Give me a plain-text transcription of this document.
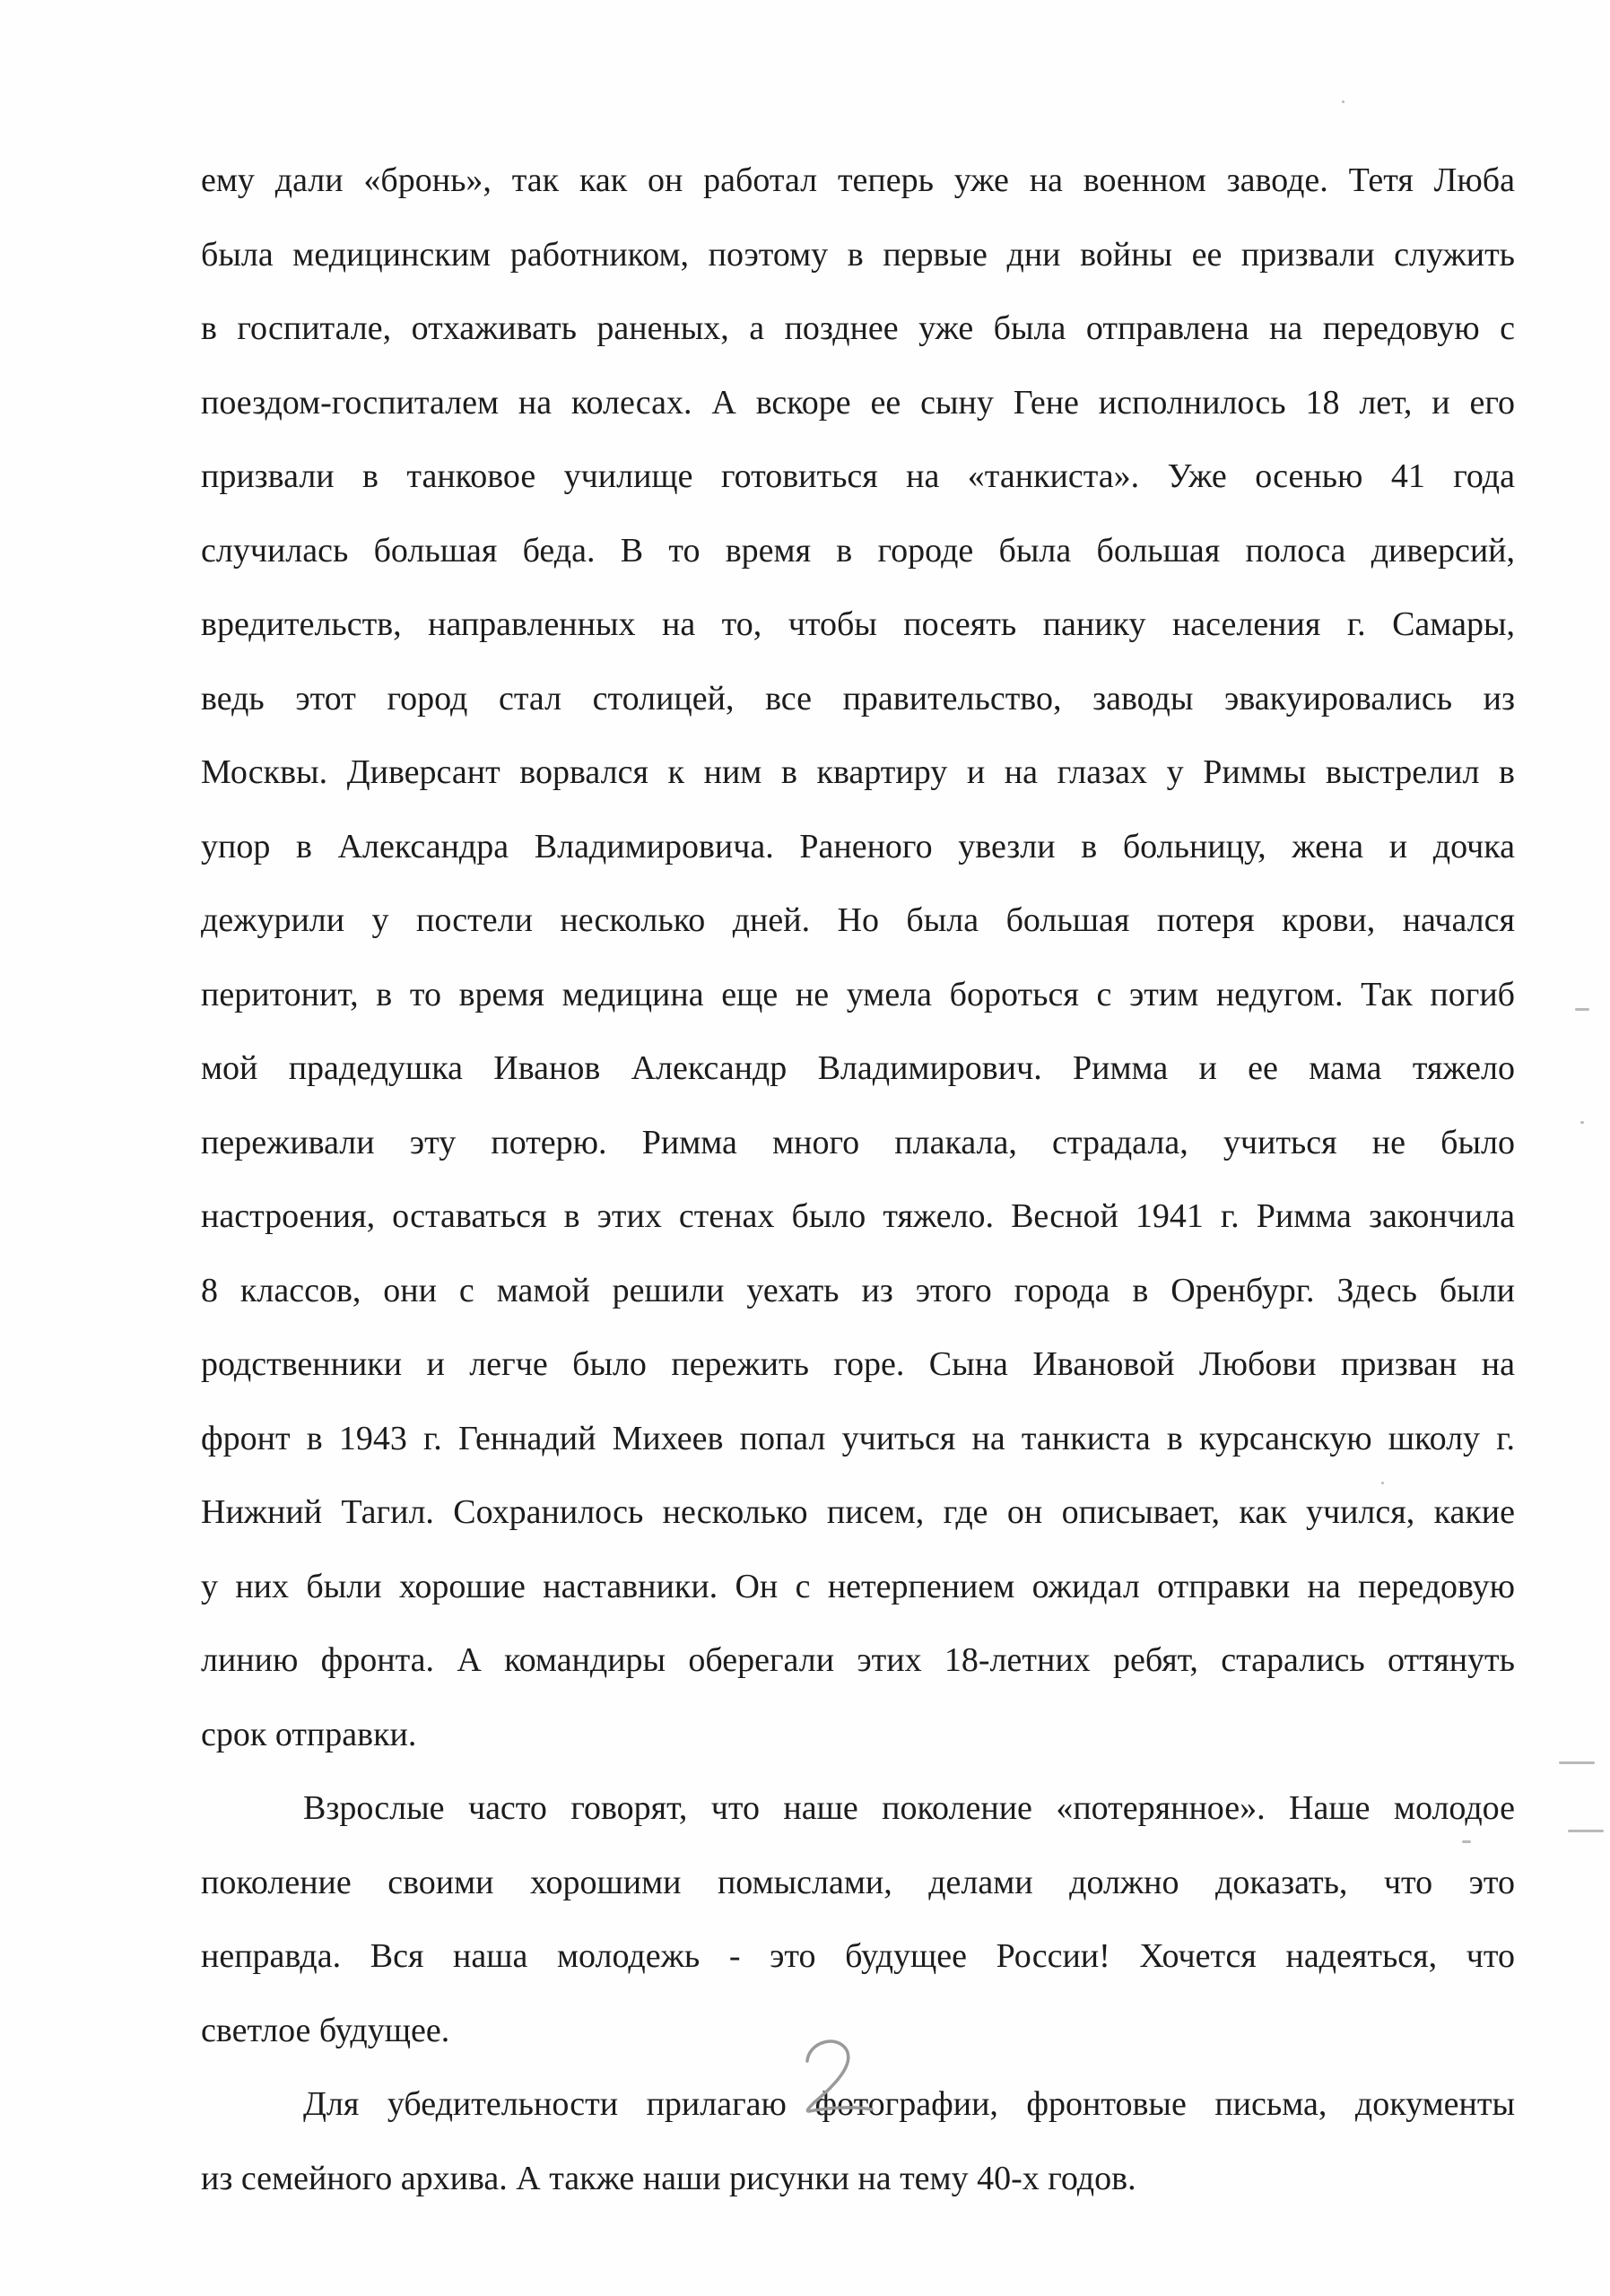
ему дали «бронь», так как он работал теперь уже на военном заводе. Тетя Люба
была медицинским работником, поэтому в первые дни войны ее призвали служить
в госпитале, отхаживать раненых, а позднее уже была отправлена на передовую с
поездом-госпиталем на колесах. А вскоре ее сыну Гене исполнилось 18 лет, и его
призвали в танковое училище готовиться на «танкиста». Уже осенью 41 года
случилась большая беда. В то время в городе была большая полоса диверсий,
вредительств, направленных на то, чтобы посеять панику населения г. Самары,
ведь этот город стал столицей, все правительство, заводы эвакуировались из
Москвы. Диверсант ворвался к ним в квартиру и на глазах у Риммы выстрелил в
упор в Александра Владимировича. Раненого увезли в больницу, жена и дочка
дежурили у постели несколько дней. Но была большая потеря крови, начался
перитонит, в то время медицина еще не умела бороться с этим недугом. Так погиб
мой прадедушка Иванов Александр Владимирович. Римма и ее мама тяжело
переживали эту потерю. Римма много плакала, страдала, учиться не было
настроения, оставаться в этих стенах было тяжело. Весной 1941 г. Римма закончила
8 классов, они с мамой решили уехать из этого города в Оренбург. Здесь были
родственники и легче было пережить горе. Сына Ивановой Любови призван на
фронт в 1943 г. Геннадий Михеев попал учиться на танкиста в курсанскую школу г.
Нижний Тагил. Сохранилось несколько писем, где он описывает, как учился, какие
у них были хорошие наставники. Он с нетерпением ожидал отправки на передовую
линию фронта. А командиры оберегали этих 18-летних ребят, старались оттянуть
срок отправки.
Взрослые часто говорят, что наше поколение «потерянное». Наше молодое
поколение своими хорошими помыслами, делами должно доказать, что это
неправда. Вся наша молодежь - это будущее России! Хочется надеяться, что
светлое будущее.
Для убедительности прилагаю фотографии, фронтовые письма, документы
из семейного архива. А также наши рисунки на тему 40-х годов.
